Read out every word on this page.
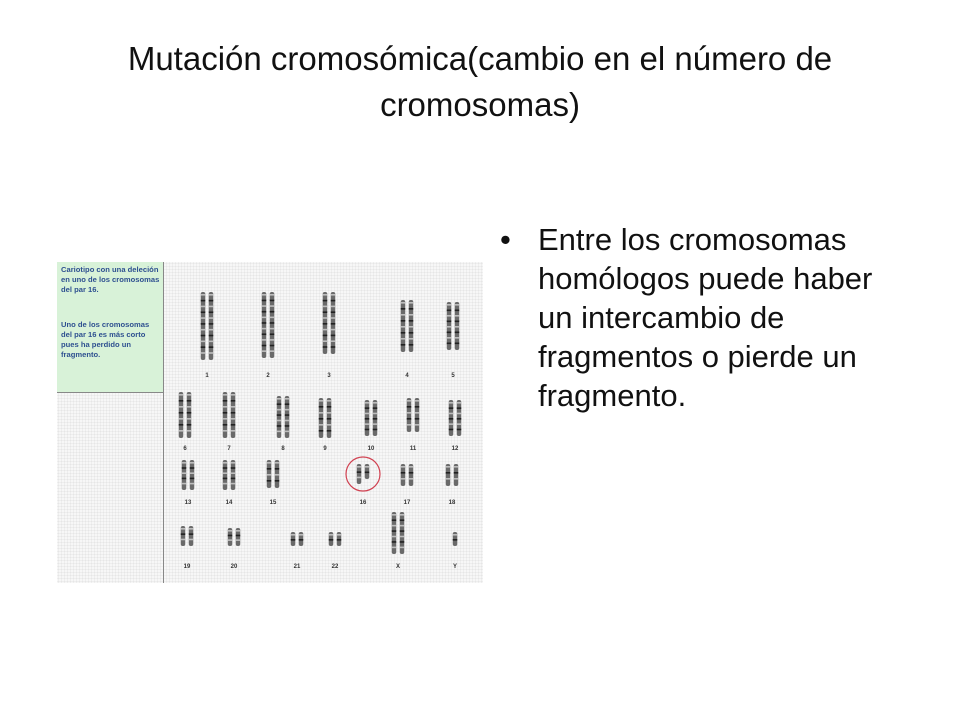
Mutación cromosómica(cambio en el número de cromosomas)
Cariotipo con una deleción en uno de los cromosomas del par 16.
Uno de los cromosomas del par 16 es más corto pues ha perdido un fragmento.
1	2	3	4	5
6	7	8	9	10	11	12
13	14	15	16	17	18
19	20	21	22	X	Y
• Entre los cromosomas homólogos puede haber un intercambio de fragmentos o pierde un fragmento.
